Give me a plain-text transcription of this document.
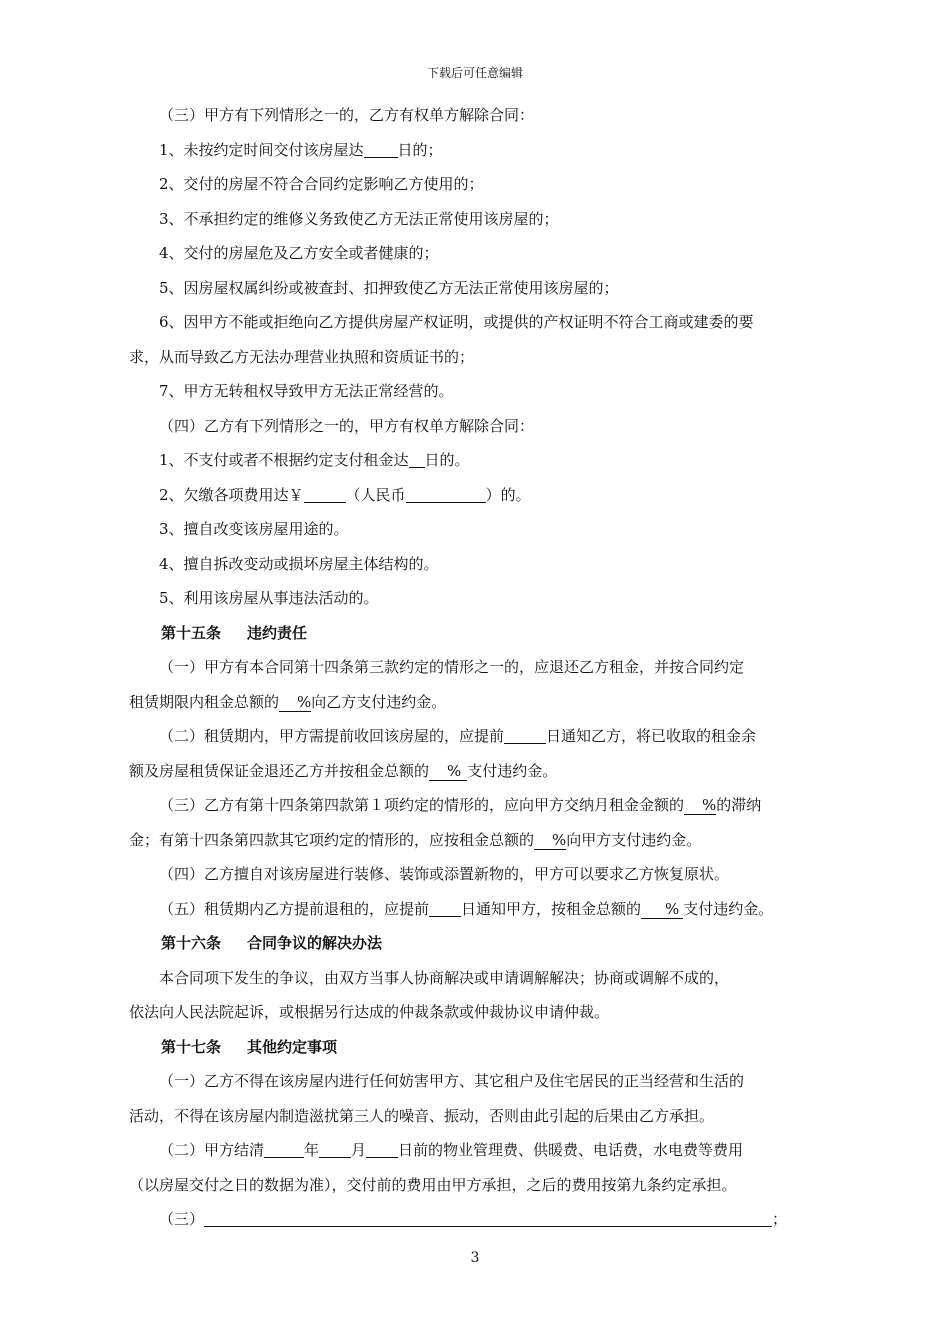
下载后可任意编辑

（三）甲方有下列情形之一的，乙方有权单方解除合同：

1、未按约定时间交付该房屋达 日的；

2、交付的房屋不符合合同约定影响乙方使用的；

3、不承担约定的维修义务致使乙方无法正常使用该房屋的；

4、交付的房屋危及乙方安全或者健康的；

5、因房屋权属纠纷或被查封、扣押致使乙方无法正常使用该房屋的；

6、因甲方不能或拒绝向乙方提供房屋产权证明，或提供的产权证明不符合工商或建委的要

求，从而导致乙方无法办理营业执照和资质证书的；

7、甲方无转租权导致甲方无法正常经营的。

（四）乙方有下列情形之一的，甲方有权单方解除合同：

1、不支付或者不根据约定支付租金达 日的。

2、欠缴各项费用达￥	（人民币	）的。

3、擅自改变该房屋用途的。

4、擅自拆改变动或损坏房屋主体结构的。

5、利用该房屋从事违法活动的。

第十五条 违约责任

（一）甲方有本合同第十四条第三款约定的情形之一的，应退还乙方租金，并按合同约定

租赁期限内租金总额的 %向乙方支付违约金。

（二）租赁期内，甲方需提前收回该房屋的，应提前	日通知乙方，将已收取的租金余

额及房屋租赁保证金退还乙方并按租金总额的 % 支付违约金。

（三）乙方有第十四条第四款第１项约定的情形的，应向甲方交纳月租金金额的 %的滞纳

金；有第十四条第四款其它项约定的情形的，应按租金总额的 %向甲方支付违约金。

（四）乙方擅自对该房屋进行装修、装饰或添置新物的，甲方可以要求乙方恢复原状。

（五）租赁期内乙方提前退租的，应提前 日通知甲方，按租金总额的 % 支付违约金。

第十六条 合同争议的解决办法

本合同项下发生的争议，由双方当事人协商解决或申请调解解决；协商或调解不成的，

依法向人民法院起诉，或根据另行达成的仲裁条款或仲裁协议申请仲裁。

第十七条 其他约定事项

（一）乙方不得在该房屋内进行任何妨害甲方、其它租户及住宅居民的正当经营和生活的

活动，不得在该房屋内制造滋扰第三人的噪音、振动，否则由此引起的后果由乙方承担。

（二）甲方结清	年 月 日前的物业管理费、供暖费、电话费，水电费等费用

（以房屋交付之日的数据为准），交付前的费用由甲方承担，之后的费用按第九条约定承担。

（三）	；

3
